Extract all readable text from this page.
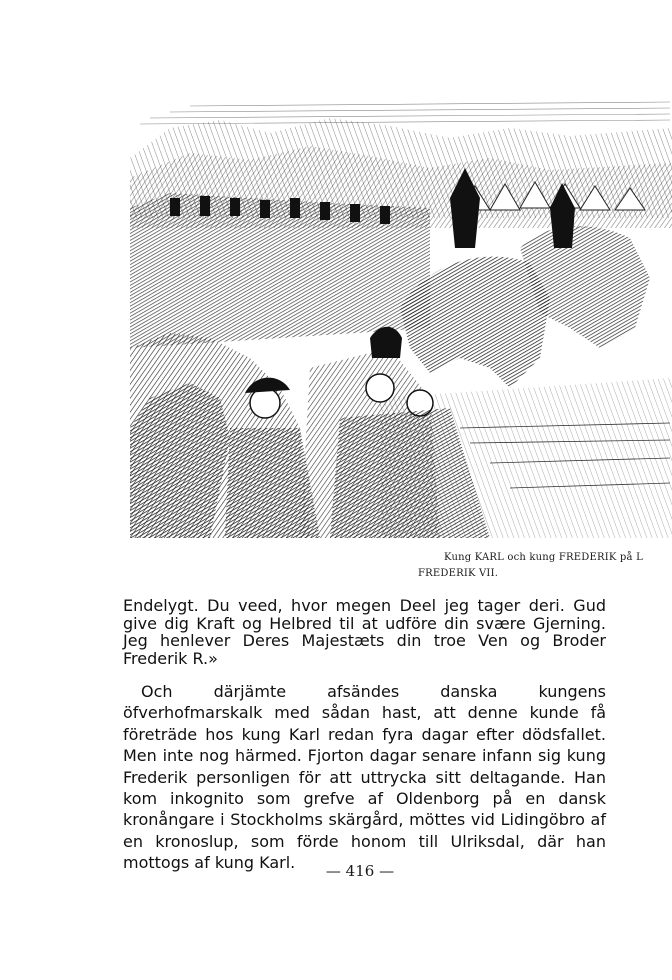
Kung KARL och kung FREDERIK på L
FREDERIK VII.
Endelygt. Du veed, hvor megen Deel jeg tager deri. Gud give dig Kraft og Helbred til at udföre din svære Gjerning. Jeg henlever Deres Majestæts din troe Ven og Broder Frederik R.»
Och därjämte afsändes danska kungens öfverhofmarskalk med sådan hast, att denne kunde få företräde hos kung Karl redan fyra dagar efter dödsfallet. Men inte nog härmed. Fjorton dagar senare infann sig kung Frederik personligen för att uttrycka sitt deltagande. Han kom inkognito som grefve af Oldenborg på en dansk kronångare i Stockholms skärgård, möttes vid Lidingöbro af en kronoslup, som förde honom till Ulriksdal, där han mottogs af kung Karl.	— 416 —
